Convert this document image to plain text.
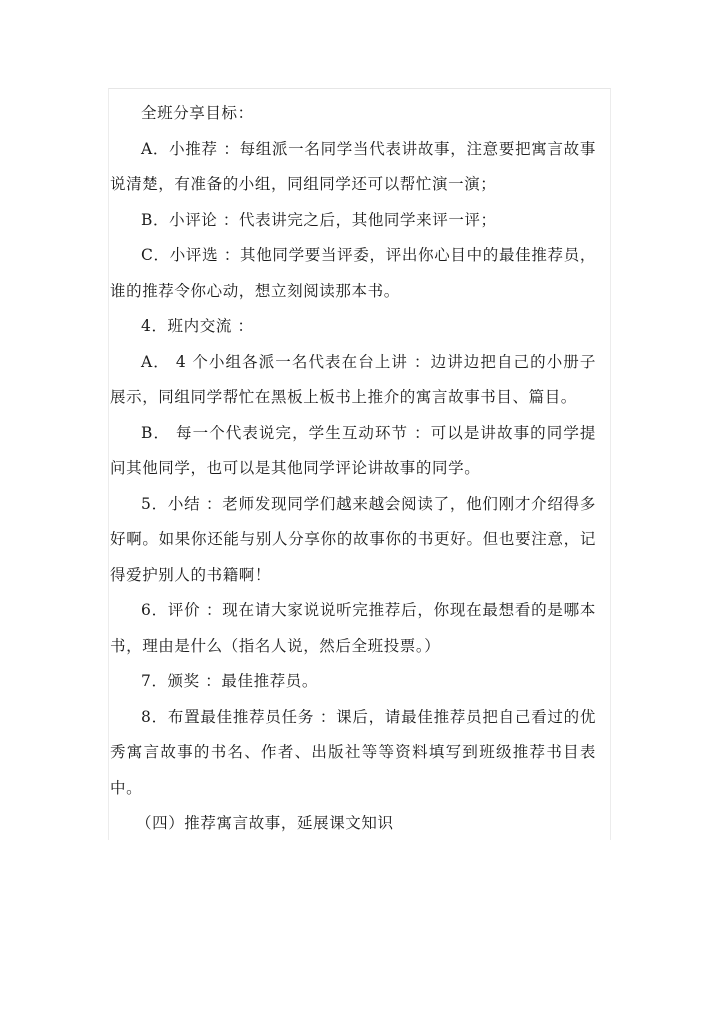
全班分享目标：

A．小推荐 ：每组派一名同学当代表讲故事，注意要把寓言故事说清楚，有准备的小组，同组同学还可以帮忙演一演；

B．小评论 ：代表讲完之后，其他同学来评一评；

C．小评选 ：其他同学要当评委，评出你心目中的最佳推荐员，谁的推荐令你心动，想立刻阅读那本书。

4．班内交流 ：

A． 4 个小组各派一名代表在台上讲 ：边讲边把自己的小册子展示，同组同学帮忙在黑板上板书上推介的寓言故事书目、篇目。

B． 每一个代表说完，学生互动环节 ：可以是讲故事的同学提问其他同学，也可以是其他同学评论讲故事的同学。

5．小结 ：老师发现同学们越来越会阅读了，他们刚才介绍得多好啊。如果你还能与别人分享你的故事你的书更好。但也要注意，记得爱护别人的书籍啊！

6．评价 ：现在请大家说说听完推荐后，你现在最想看的是哪本书，理由是什么（指名人说，然后全班投票。）

7．颁奖 ：最佳推荐员。

8．布置最佳推荐员任务 ：课后，请最佳推荐员把自己看过的优秀寓言故事的书名、作者、出版社等等资料填写到班级推荐书目表中。

（四）推荐寓言故事，延展课文知识
